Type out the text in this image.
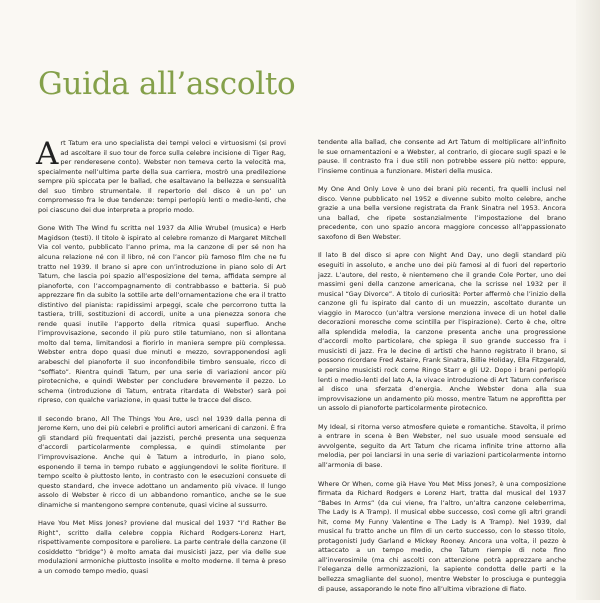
Guida all’ascolto

Art Tatum era uno specialista dei tempi veloci e virtuosismi (si provi ad ascoltare il suo tour de force sulla celebre incisione di Tiger Rag, per renderesene conto). Webster non temeva certo la velocità ma, specialmente nell’ultima parte della sua carriera, mostrò una predilezione sempre più spiccata per le ballad, che esaltavano la bellezza e sensualità del suo timbro strumentale. Il repertorio del disco è un po’ un compromesso fra le due tendenze: tempi perlopiù lenti o medio-lenti, che poi ciascuno dei due interpreta a proprio modo.

Gone With The Wind fu scritta nel 1937 da Allie Wrubel (musica) e Herb Magidson (testi). Il titolo è ispirato al celebre romanzo di Margaret Mitchell Via col vento, pubblicato l’anno prima, ma la canzone di per sé non ha alcuna relazione né con il libro, né con l’ancor più famoso film che ne fu tratto nel 1939. Il brano si apre con un’introduzione in piano solo di Art Tatum, che lascia poi spazio all’esposizione del tema, affidata sempre al pianoforte, con l’accompagnamento di contrabbasso e batteria. Si può apprezzare fin da subito la sottile arte dell’ornamentazione che era il tratto distintivo del pianista: rapidissimi arpeggi, scale che percorrono tutta la tastiera, trilli, sostituzioni di accordi, unite a una pienezza sonora che rende quasi inutile l’apporto della ritmica quasi superfluo. Anche l’improvvisazione, secondo il più puro stile tatumiano, non si allontana molto dal tema, limitandosi a fiorirlo in maniera sempre più complessa. Webster entra dopo quasi due minuti e mezzo, sovrapponendosi agli arabeschi del pianoforte il suo inconfondibile timbro sensuale, ricco di “soffiato”. Rientra quindi Tatum, per una serie di variazioni ancor più pirotecniche, e quindi Webster per concludere brevemente il pezzo. Lo schema (introduzione di Tatum, entrata ritardata di Webster) sarà poi ripreso, con qualche variazione, in quasi tutte le tracce del disco.

Il secondo brano, All The Things You Are, uscì nel 1939 dalla penna di Jerome Kern, uno dei più celebri e prolifici autori americani di canzoni. È fra gli standard più frequentati dai jazzisti, perché presenta una sequenza d’accordi particolarmente complessa, e quindi stimolante per l’improvvisazione. Anche qui è Tatum a introdurlo, in piano solo, esponendo il tema in tempo rubato e aggiungendovi le solite fioriture. Il tempo scelto è piuttosto lento, in contrasto con le esecuzioni consuete di questo standard, che invece adottano un andamento più vivace. Il lungo assolo di Webster è ricco di un abbandono romantico, anche se le sue dinamiche si mantengono sempre contenute, quasi vicine al sussurro.

Have You Met Miss Jones? proviene dal musical del 1937 “I’d Rather Be Right”, scritto dalla celebre coppia Richard Rodgers-Lorenz Hart, rispettivamente compositore e paroliere. La parte centrale della canzone (il cosiddetto “bridge”) è molto amata dai musicisti jazz, per via delle sue modulazioni armoniche piuttosto insolite e molto moderne. Il tema è preso a un comodo tempo medio, quasi

tendente alla ballad, che consente ad Art Tatum di moltiplicare all’infinito le sue ornamentazioni e a Webster, al contrario, di giocare sugli spazi e le pause. Il contrasto fra i due stili non potrebbe essere più netto: eppure, l’insieme continua a funzionare. Misteri della musica.

My One And Only Love è uno dei brani più recenti, fra quelli inclusi nel disco. Venne pubblicato nel 1952 e divenne subito molto celebre, anche grazie a una bella versione registrata da Frank Sinatra nel 1953. Ancora una ballad, che ripete sostanzialmente l’impostazione del brano precedente, con uno spazio ancora maggiore concesso all’appassionato saxofono di Ben Webster.

Il lato B del disco si apre con Night And Day, uno degli standard più eseguiti in assoluto, e anche uno dei più famosi al di fuori del repertorio jazz. L’autore, del resto, è nientemeno che il grande Cole Porter, uno dei massimi geni della canzone americana, che la scrisse nel 1932 per il musical “Gay Divorce”. A titolo di curiosità: Porter affermò che l’inizio della canzone gli fu ispirato dal canto di un muezzin, ascoltato durante un viaggio in Marocco (un’altra versione menziona invece di un hotel dalle decorazioni moresche come scintilla per l’ispirazione). Certo è che, oltre alla splendida melodia, la canzone presenta anche una progressione d’accordi molto particolare, che spiega il suo grande successo fra i musicisti di jazz. Fra le decine di artisti che hanno registrato il brano, si possono ricordare Fred Astaire, Frank Sinatra, Billie Holiday, Ella Fitzgerald, e persino musicisti rock come Ringo Starr e gli U2. Dopo i brani perlopiù lenti o medio-lenti del lato A, la vivace introduzione di Art Tatum conferisce al disco una sferzata d’energia. Anche Webster dona alla sua improvvisazione un andamento più mosso, mentre Tatum ne approfitta per un assolo di pianoforte particolarmente pirotecnico.

My Ideal, si ritorna verso atmosfere quiete e romantiche. Stavolta, il primo a entrare in scena è Ben Webster, nel suo usuale mood sensuale ed avvolgente, seguito da Art Tatum che ricama infinite trine attorno alla melodia, per poi lanciarsi in una serie di variazioni particolarmente intorno all’armonia di base.

Where Or When, come già Have You Met Miss Jones?, è una composizione firmata da Richard Rodgers e Lorenz Hart, tratta dal musical del 1937 “Babes In Arms” (da cui viene, fra l’altro, un’altra canzone celeberrima, The Lady Is A Tramp). Il musical ebbe successo, così come gli altri grandi hit, come My Funny Valentine e The Lady Is A Tramp). Nel 1939, dal musical fu tratto anche un film di un certo successo, con lo stesso titolo, protagonisti Judy Garland e Mickey Rooney. Ancora una volta, il pezzo è attaccato a un tempo medio, che Tatum riempie di note fino all’inverosimile (ma chi ascolti con attenzione potrà apprezzare anche l’eleganza delle armonizzazioni, la sapiente condotta delle parti e la bellezza smagliante del suono), mentre Webster lo prosciuga e punteggia di pause, assaporando le note fino all’ultima vibrazione di fiato.
